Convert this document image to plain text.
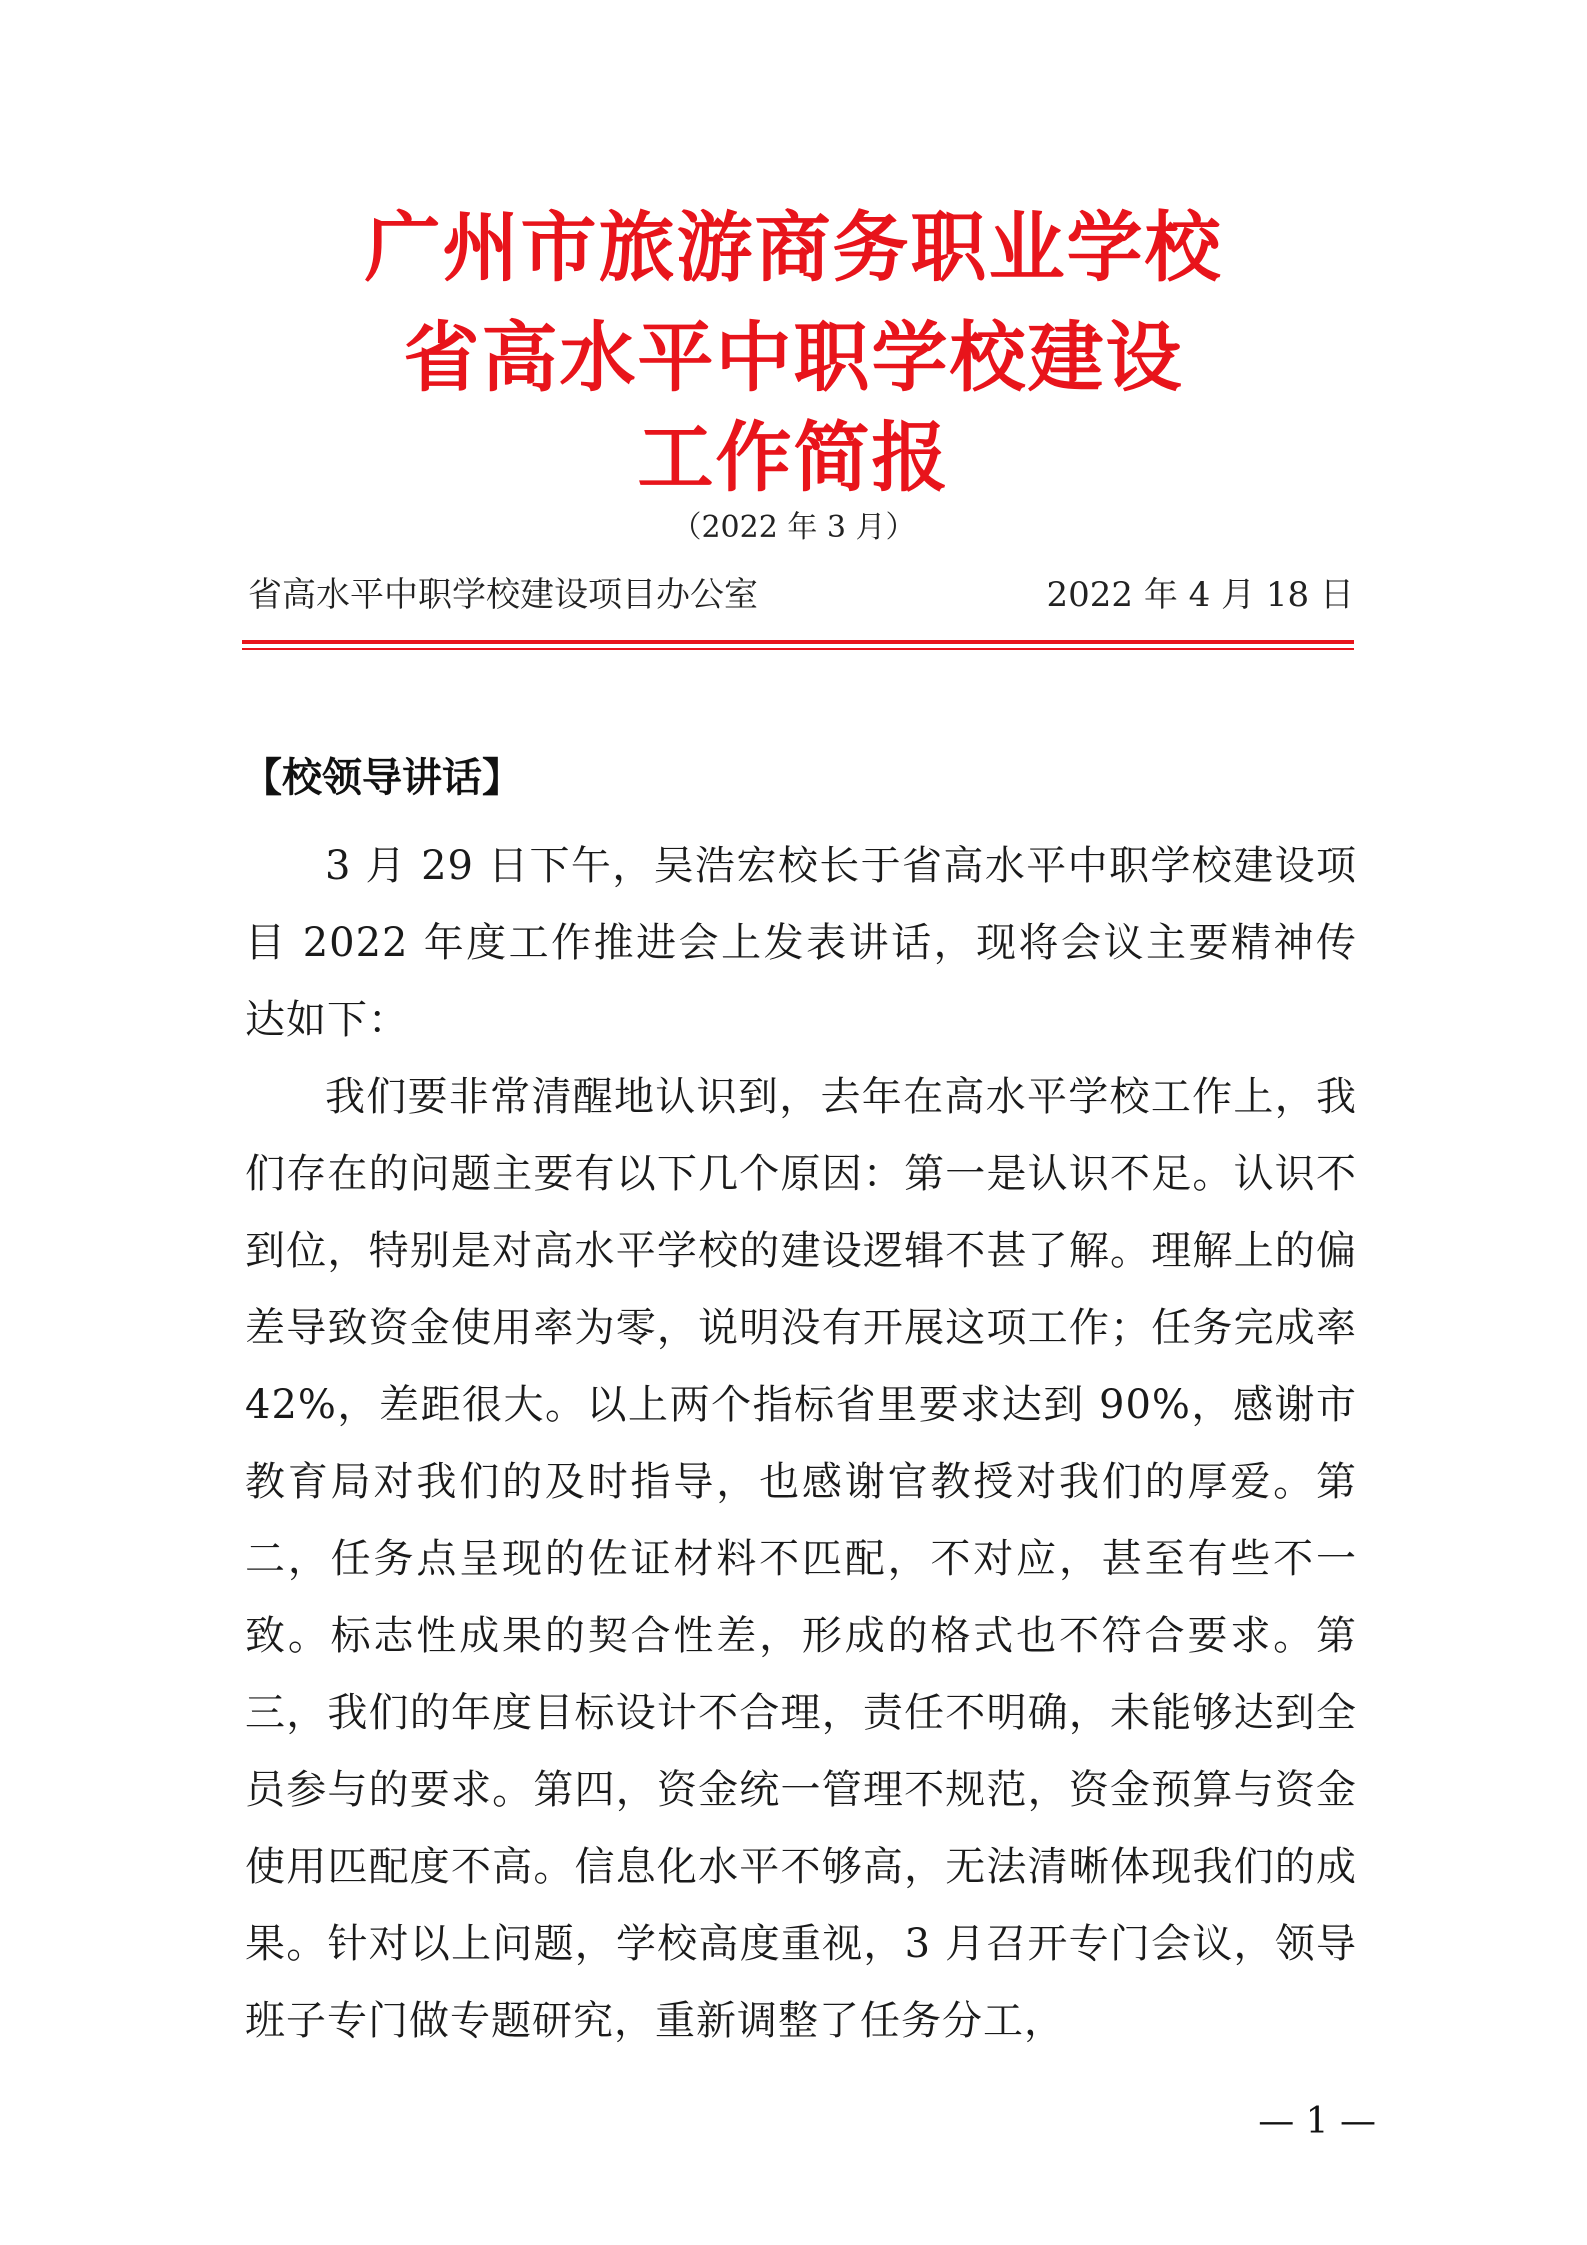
广州市旅游商务职业学校
省高水平中职学校建设
工作简报
（2022 年 3 月）
省高水平中职学校建设项目办公室	2022 年 4 月 18 日
【校领导讲话】

3 月 29 日下午，吴浩宏校长于省高水平中职学校建设项目 2022 年度工作推进会上发表讲话，现将会议主要精神传达如下：

我们要非常清醒地认识到，去年在高水平学校工作上，我们存在的问题主要有以下几个原因：第一是认识不足。认识不到位，特别是对高水平学校的建设逻辑不甚了解。理解上的偏差导致资金使用率为零，说明没有开展这项工作；任务完成率 42%，差距很大。以上两个指标省里要求达到 90%，感谢市教育局对我们的及时指导，也感谢官教授对我们的厚爱。第二，任务点呈现的佐证材料不匹配，不对应，甚至有些不一致。标志性成果的契合性差，形成的格式也不符合要求。第三，我们的年度目标设计不合理，责任不明确，未能够达到全员参与的要求。第四，资金统一管理不规范，资金预算与资金使用匹配度不高。信息化水平不够高，无法清晰体现我们的成果。针对以上问题，学校高度重视，3 月召开专门会议，领导班子专门做专题研究，重新调整了任务分工，

— 1 —
